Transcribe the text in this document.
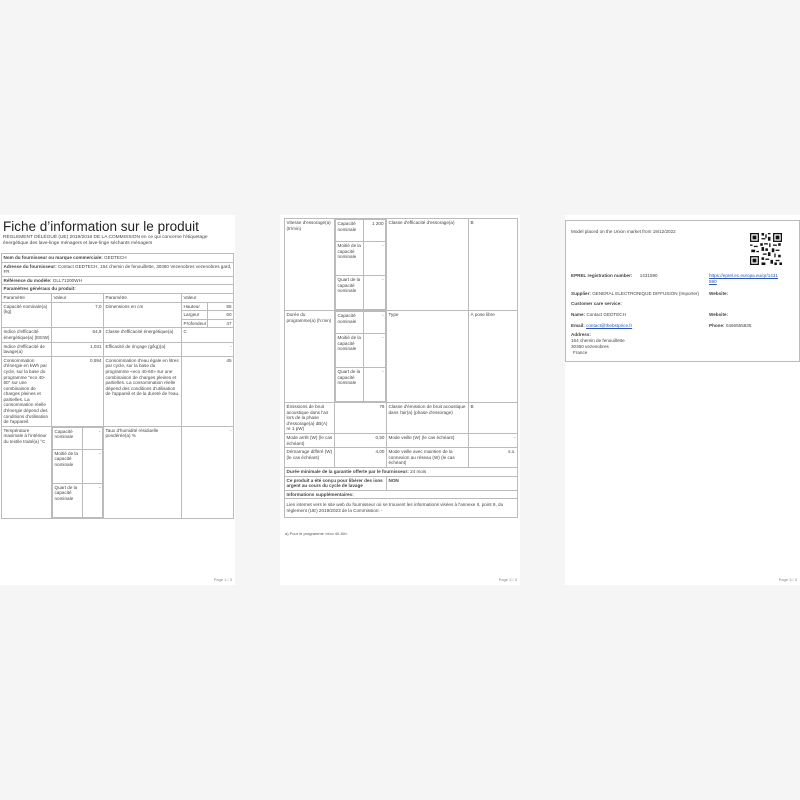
Fiche d’information sur le produit
RÈGLEMENT DÉLÉGUÉ (UE) 2019/2016 DE LA COMMISSION en ce qui concerne l'étiquetage énergétique des lave-linge ménagers et lave-linge séchants ménagers
Nom du fournisseur ou marque commerciale: GEDTECH
Adresse du fournisseur: Contact GEDTECH, 164 chemin de fenouillette, 30360 Vezenobres vezenobres gard, FR
Référence du modèle: GLL71200WH
Paramètres généraux du produit:
Paramètre	Valeur	Paramètre	Valeur
Capacité nominale(a) (kg)	7,0	Dimensions en cm	Hauteur	85
Largeur	60
Profondeur	47
Indice d'efficacité énergétique(a) (EEIW)	64,9	Classe d'efficacité énergétique(a)	C
Indice d'efficacité de lavage(a)	1,031	Efficacité de rinçage (g/kg)(a)	-
Consommation d'énergie en kWh par cycle, sur la base du programme "eco 40-60" sur une combinaison de charges pleines et partielles. La consommation réelle d'énergie dépend des conditions d'utilisation de l'appareil.	0,594	Consommation d'eau égale en litres par cycle, sur la base du programme «eco 40-60» sur une combinaison de charges pleines et partielles. La consommation réelle dépend des conditions d'utilisation de l'appareil et de la dureté de l'eau.	45
Température maximale à l'intérieur du textile traité(a) °C	
Capacité nominale	-
Moitié de la capacité nominale	-
Quart de la capacité nominale	-
	Taux d'humidité résiduelle pondérée(a) %	-
Page 1 / 3
Vitesse d'essorage(a) (tr/min)	
Capacité nominale	1 200
Moitié de la capacité nominale	-
Quart de la capacité nominale	-
	Classe d'efficacité d'essorage(a)	B
Durée du programme(a) (h:min)	
Capacité nominale	-
Moitié de la capacité nominale	-
Quart de la capacité nominale	-
	Type	À pose libre
Émissions de bruit acoustique dans l'air lors de la phase d'essorage(a) dB(A) re 1 pW)	76	Classe d'émission de bruit acoustique dans l'air(a) (phase d'essorage)	B
Mode arrêt (W) (le cas échéant)	0,50	Mode veille (W) (le cas échéant)	-
Démarrage différé (W) (le cas échéant)	4,00	Mode veille avec maintien de la connexion au réseau (W) (le cas échéant)	s.o.
Durée minimale de la garantie offerte par le fournisseur: 24 mois
Ce produit a été conçu pour libérer des ions argent au cours du cycle de lavage	NON
Informations supplémentaires:
Lien internet vers le site web du fournisseur où se trouvent les informations visées à l'annexe II, point 9, du règlement (UE) 2019/2023 de la Commission: -
a) Pour le programme «eco 40-60».
Page 2 / 3
Model placed on the Union market from 19/12/2022
EPREL registration number: 1431590	https://eprel.ec.europa.eu/qr/1431590
Supplier: GENERAL ELECTRONIQUE DIFFUSION (Importer) Website:
Customer care service:
Name: Contact GEDTECH	Website:
Email: contact@thebstprice.fr	Phone: 0466555835
Address:
164 chemin de fenouillette
30360 vezenobres
France
Page 3 / 3
